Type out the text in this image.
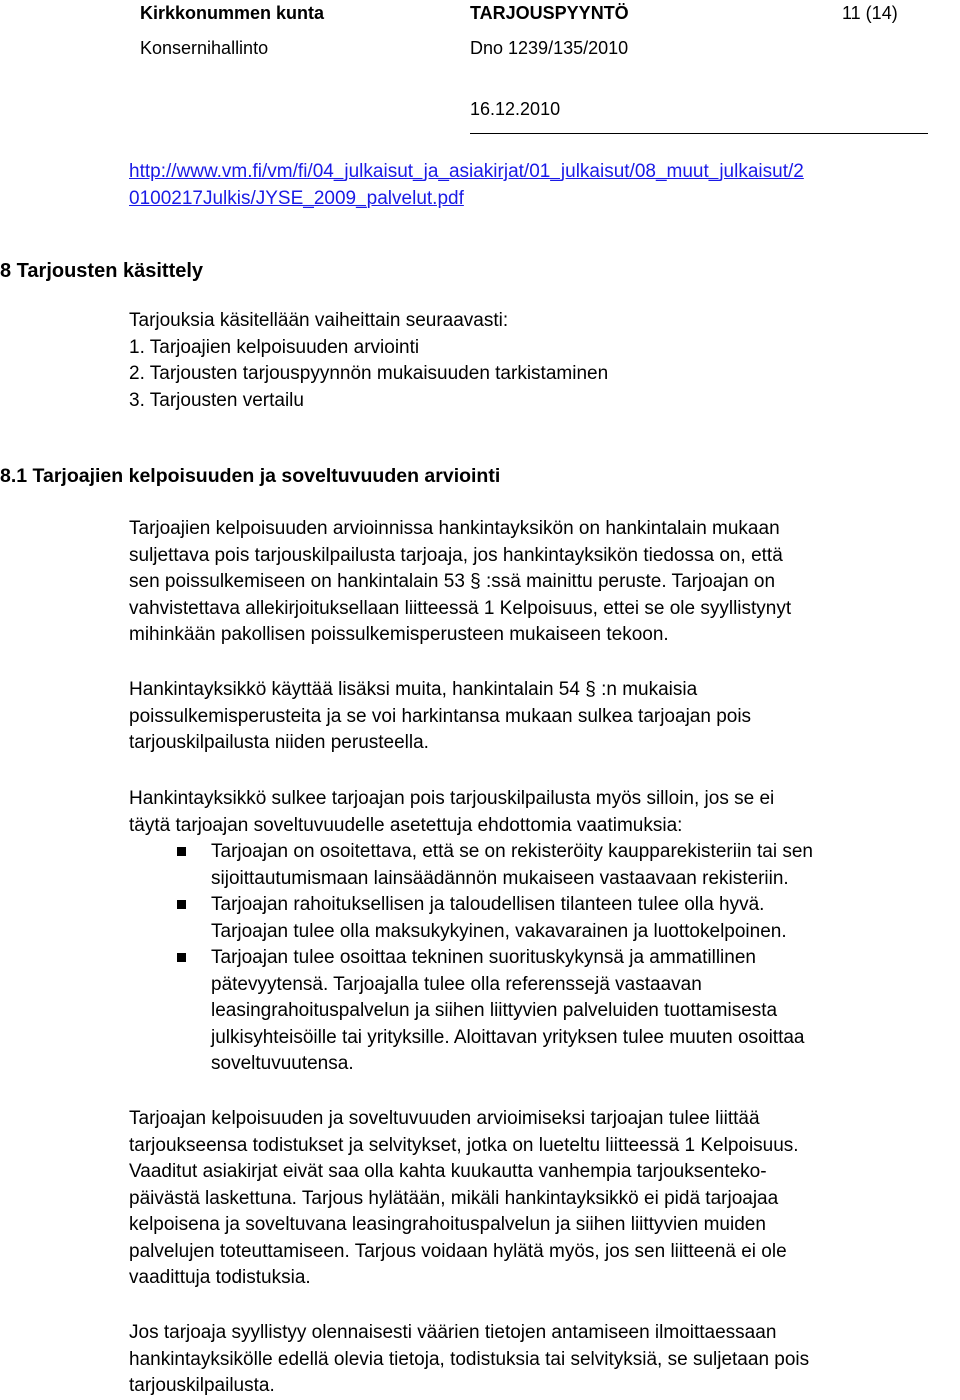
Kirkkonummen kunta	TARJOUSPYYNTÖ	11 (14)
Konsernihallinto	Dno 1239/135/2010
16.12.2010
http://www.vm.fi/vm/fi/04_julkaisut_ja_asiakirjat/01_julkaisut/08_muut_julkaisut/2
0100217Julkis/JYSE_2009_palvelut.pdf
8 Tarjousten käsittely
Tarjouksia käsitellään vaiheittain seuraavasti:
1. Tarjoajien kelpoisuuden arviointi
2. Tarjousten tarjouspyynnön mukaisuuden tarkistaminen
3. Tarjousten vertailu
8.1 Tarjoajien kelpoisuuden ja soveltuvuuden arviointi
Tarjoajien kelpoisuuden arvioinnissa hankintayksikön on hankintalain mukaan
suljettava pois tarjouskilpailusta tarjoaja, jos hankintayksikön tiedossa on, että
sen poissulkemiseen on hankintalain 53 § :ssä mainittu peruste. Tarjoajan on
vahvistettava allekirjoituksellaan liitteessä 1 Kelpoisuus, ettei se ole syyllistynyt
mihinkään pakollisen poissulkemisperusteen mukaiseen tekoon.
Hankintayksikkö käyttää lisäksi muita, hankintalain 54 § :n mukaisia
poissulkemisperusteita ja se voi harkintansa mukaan sulkea tarjoajan pois
tarjouskilpailusta niiden perusteella.
Hankintayksikkö sulkee tarjoajan pois tarjouskilpailusta myös silloin, jos se ei
täytä tarjoajan soveltuvuudelle asetettuja ehdottomia vaatimuksia:
Tarjoajan on osoitettava, että se on rekisteröity kaupparekisteriin tai sen
sijoittautumismaan lainsäädännön mukaiseen vastaavaan rekisteriin.
Tarjoajan rahoituksellisen ja taloudellisen tilanteen tulee olla hyvä.
Tarjoajan tulee olla maksukykyinen, vakavarainen ja luottokelpoinen.
Tarjoajan tulee osoittaa tekninen suorituskykynsä ja ammatillinen
pätevyytensä. Tarjoajalla tulee olla referenssejä vastaavan
leasingrahoituspalvelun ja siihen liittyvien palveluiden tuottamisesta
julkisyhteisöille tai yrityksille. Aloittavan yrityksen tulee muuten osoittaa
soveltuvuutensa.
Tarjoajan kelpoisuuden ja soveltuvuuden arvioimiseksi tarjoajan tulee liittää
tarjoukseensa todistukset ja selvitykset, jotka on lueteltu liitteessä 1 Kelpoisuus.
Vaaditut asiakirjat eivät saa olla kahta kuukautta vanhempia tarjouksenteko-
päivästä laskettuna. Tarjous hylätään, mikäli hankintayksikkö ei pidä tarjoajaa
kelpoisena ja soveltuvana leasingrahoituspalvelun ja siihen liittyvien muiden
palvelujen toteuttamiseen. Tarjous voidaan hylätä myös, jos sen liitteenä ei ole
vaadittuja todistuksia.
Jos tarjoaja syyllistyy olennaisesti väärien tietojen antamiseen ilmoittaessaan
hankintayksikölle edellä olevia tietoja, todistuksia tai selvityksiä, se suljetaan pois
tarjouskilpailusta.
